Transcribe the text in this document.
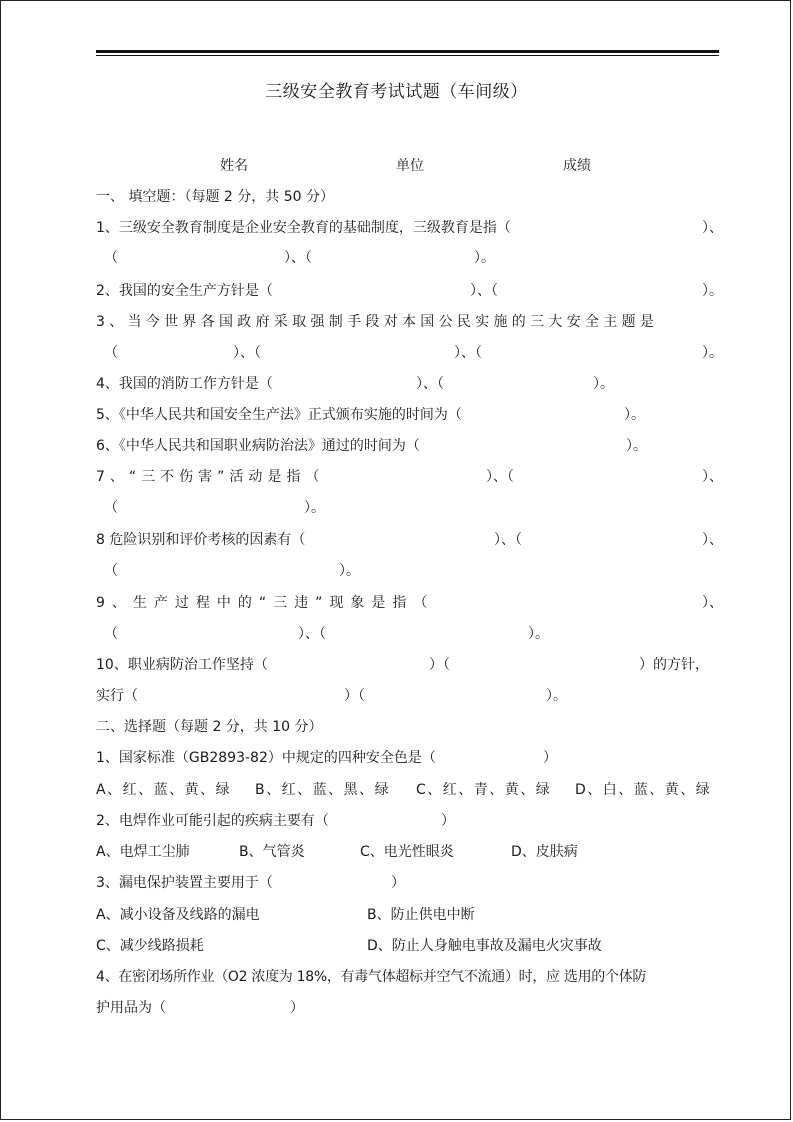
三级安全教育考试试题（车间级）
姓名	单位	成绩
一、 填空题：（每题 2 分，共 50 分）
1、三级安全教育制度是企业安全教育的基础制度，三级教育是指（	）、
（	）、（	）。
2、我国的安全生产方针是（	）、（	）。
3、当今世界各国政府采取强制手段对本国公民实施的三大安全主题是
（	）、（	）、（	）。
4、我国的消防工作方针是（	）、（	）。
5、《中华人民共和国安全生产法》正式颁布实施的时间为（	）。
6、《中华人民共和国职业病防治法》通过的时间为（	）。
7、“三不伤害”活动是指（	）、（	）、
（	）。
8 危险识别和评价考核的因素有（	）、（	）、
（	）。
9、生产过程中的“三违”现象是指（	）、
（	）、（	）。
10、职业病防治工作坚持（	）（	）的方针，
实行（	）（	）。
二、选择题（每题 2 分，共 10 分）
1、国家标准（GB2893-82）中规定的四种安全色是（	）
A、红、蓝、黄、绿 B、红、蓝、黑、绿 C、红、青、黄、绿 D、白、蓝、黄、绿
2、电焊作业可能引起的疾病主要有（	）
A、电焊工尘肺	B、气管炎	C、电光性眼炎	D、皮肤病
3、漏电保护装置主要用于（	）
A、减小设备及线路的漏电	B、防止供电中断
C、减少线路损耗	D、防止人身触电事故及漏电火灾事故
4、在密闭场所作业（O2 浓度为 18%，有毒气体超标并空气不流通）时，应 选用的个体防
护用品为（	）
